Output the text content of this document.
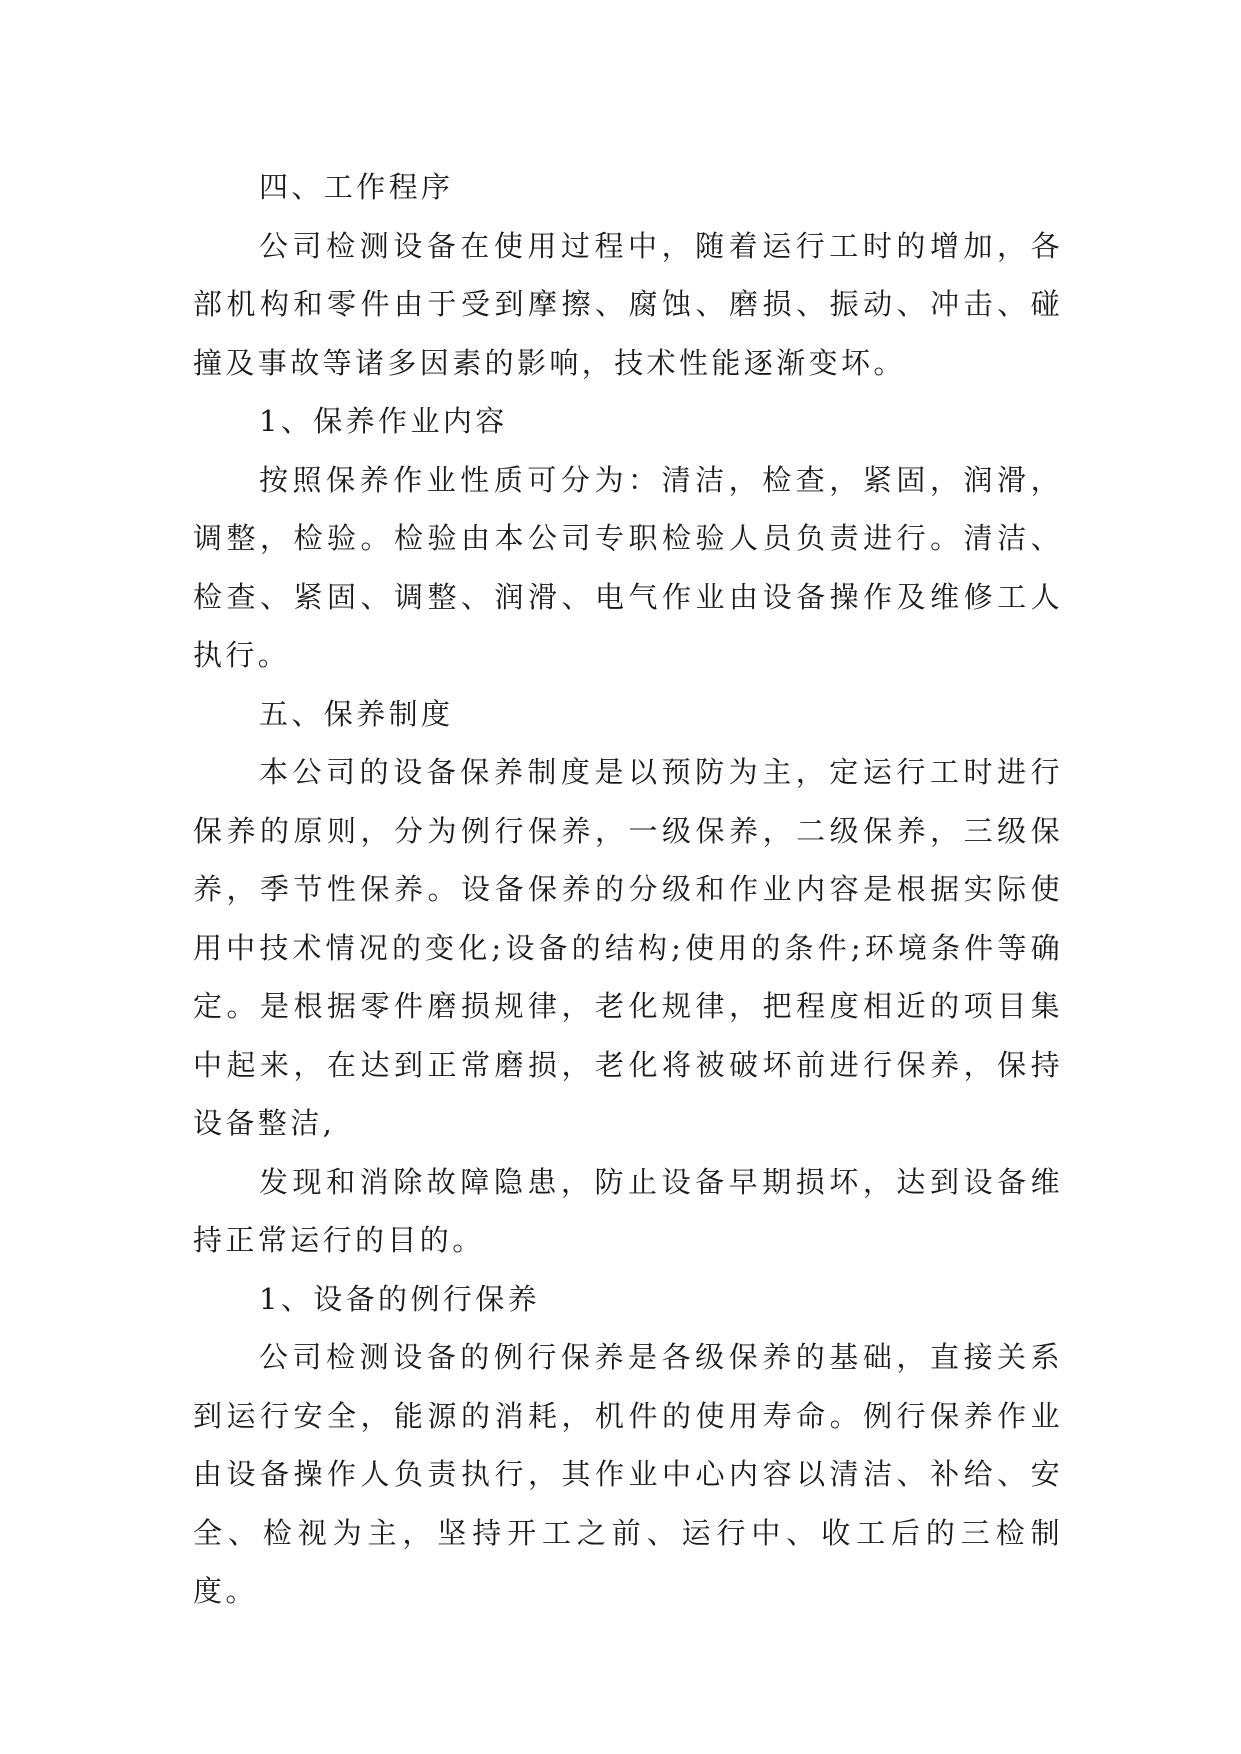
四、工作程序

公司检测设备在使用过程中，随着运行工时的增加，各部机构和零件由于受到摩擦、腐蚀、磨损、振动、冲击、碰撞及事故等诸多因素的影响，技术性能逐渐变坏。

1、保养作业内容

按照保养作业性质可分为：清洁，检查，紧固，润滑，调整，检验。检验由本公司专职检验人员负责进行。清洁、检查、紧固、调整、润滑、电气作业由设备操作及维修工人执行。

五、保养制度

本公司的设备保养制度是以预防为主，定运行工时进行保养的原则，分为例行保养，一级保养，二级保养，三级保养，季节性保养。设备保养的分级和作业内容是根据实际使用中技术情况的变化;设备的结构;使用的条件;环境条件等确定。是根据零件磨损规律，老化规律，把程度相近的项目集中起来，在达到正常磨损，老化将被破坏前进行保养，保持设备整洁,

发现和消除故障隐患，防止设备早期损坏，达到设备维持正常运行的目的。

1、设备的例行保养

公司检测设备的例行保养是各级保养的基础，直接关系到运行安全，能源的消耗，机件的使用寿命。例行保养作业由设备操作人负责执行，其作业中心内容以清洁、补给、安全、检视为主，坚持开工之前、运行中、收工后的三检制度。
